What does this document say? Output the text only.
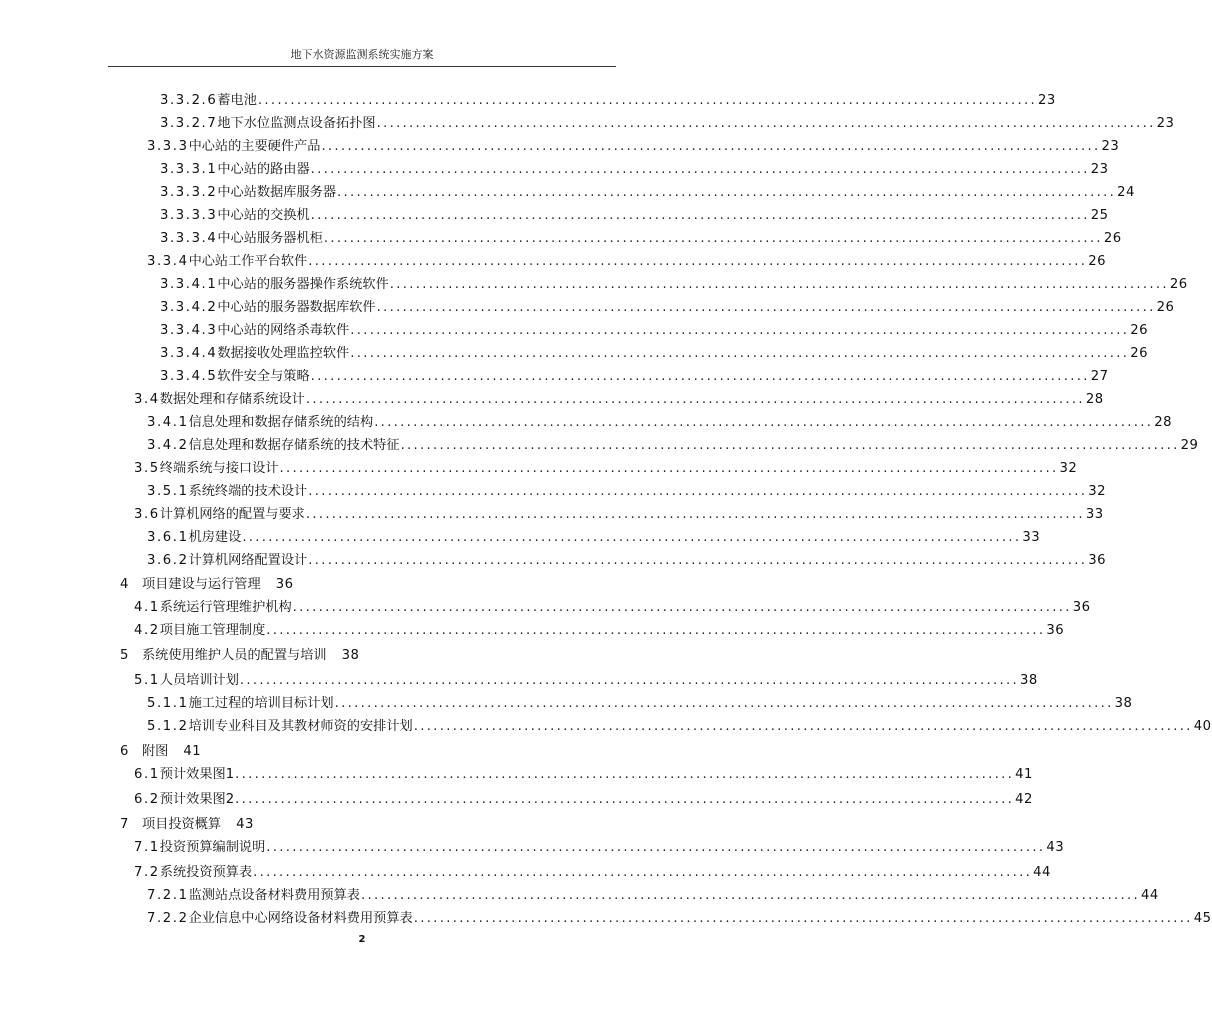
地下水资源监测系统实施方案
3.3.2.6 蓄电池 ........................................................................................................................ 23
3.3.2.7 地下水位监测点设备拓扑图 ........................................................................................................................ 23
3.3.3 中心站的主要硬件产品 ........................................................................................................................ 23
3.3.3.1 中心站的路由器 ........................................................................................................................ 23
3.3.3.2 中心站数据库服务器 ........................................................................................................................ 24
3.3.3.3 中心站的交换机 ........................................................................................................................ 25
3.3.3.4 中心站服务器机柜 ........................................................................................................................ 26
3.3.4 中心站工作平台软件 ........................................................................................................................ 26
3.3.4.1 中心站的服务器操作系统软件 ........................................................................................................................ 26
3.3.4.2 中心站的服务器数据库软件 ........................................................................................................................ 26
3.3.4.3 中心站的网络杀毒软件 ........................................................................................................................ 26
3.3.4.4 数据接收处理监控软件 ........................................................................................................................ 26
3.3.4.5 软件安全与策略 ........................................................................................................................ 27
3.4 数据处理和存储系统设计 ........................................................................................................................ 28
3.4.1 信息处理和数据存储系统的结构 ........................................................................................................................ 28
3.4.2 信息处理和数据存储系统的技术特征 ........................................................................................................................ 29
3.5 终端系统与接口设计 ........................................................................................................................ 32
3.5.1 系统终端的技术设计 ........................................................................................................................ 32
3.6 计算机网络的配置与要求 ........................................................................................................................ 33
3.6.1 机房建设 ........................................................................................................................ 33
3.6.2 计算机网络配置设计 ........................................................................................................................ 36
4 项目建设与运行管理 36
4.1 系统运行管理维护机构 ........................................................................................................................ 36
4.2 项目施工管理制度 ........................................................................................................................ 36
5 系统使用维护人员的配置与培训 38
5.1 人员培训计划 ........................................................................................................................ 38
5.1.1 施工过程的培训目标计划 ........................................................................................................................ 38
5.1.2 培训专业科目及其教材师资的安排计划 ........................................................................................................................ 40
6 附图 41
6.1 预计效果图1 ........................................................................................................................ 41
6.2 预计效果图2 ........................................................................................................................ 42
7 项目投资概算 43
7.1 投资预算编制说明 ........................................................................................................................ 43
7.2 系统投资预算表 ........................................................................................................................ 44
7.2.1 监测站点设备材料费用预算表 ........................................................................................................................ 44
7.2.2 企业信息中心网络设备材料费用预算表 ........................................................................................................................ 45
2
